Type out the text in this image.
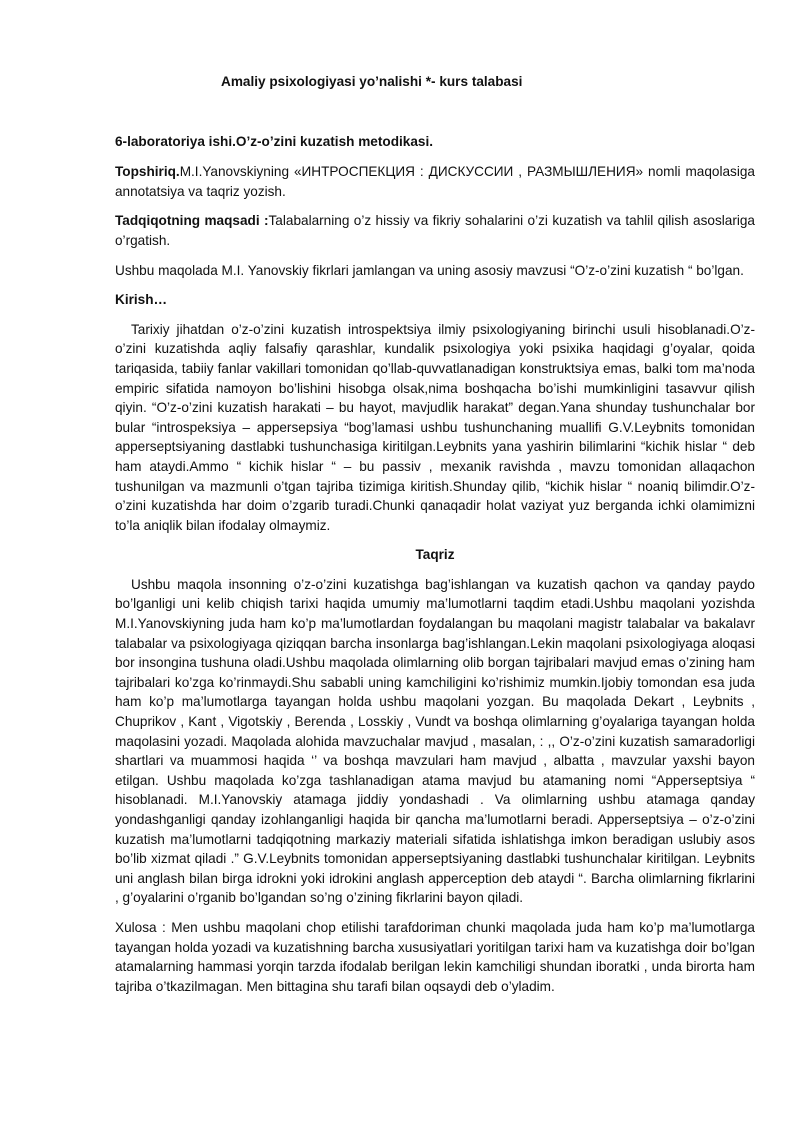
Amaliy psixologiyasi yo’nalishi *- kurs talabasi

6-laboratoriya ishi.O’z-o’zini kuzatish metodikasi.

Topshiriq.M.I.Yanovskiyning «ИНТРОСПЕКЦИЯ : ДИСКУССИИ , РАЗМЫШЛЕНИЯ» nomli maqolasiga annotatsiya va taqriz yozish.

Tadqiqotning maqsadi :Talabalarning o’z hissiy va fikriy sohalarini o’zi kuzatish va tahlil qilish asoslariga o’rgatish.

Ushbu maqolada M.I. Yanovskiy fikrlari jamlangan va uning asosiy mavzusi “O’z-o’zini kuzatish “ bo’lgan.

Kirish…

Tarixiy jihatdan o’z-o’zini kuzatish introspektsiya ilmiy psixologiyaning birinchi usuli hisoblanadi.O’z-o’zini kuzatishda aqliy falsafiy qarashlar, kundalik psixologiya yoki psixika haqidagi g’oyalar, qoida tariqasida, tabiiy fanlar vakillari tomonidan qo’llab-quvvatlanadigan konstruktsiya emas, balki tom ma’noda empiric sifatida namoyon bo’lishini hisobga olsak,nima boshqacha bo’ishi mumkinligini tasavvur qilish qiyin. “O’z-o’zini kuzatish harakati – bu hayot, mavjudlik harakat” degan.Yana shunday tushunchalar bor bular “introspeksiya – appersepsiya “bog’lamasi ushbu tushunchaning muallifi G.V.Leybnits tomonidan apperseptsiyaning dastlabki tushunchasiga kiritilgan.Leybnits yana yashirin bilimlarini “kichik hislar “ deb ham ataydi.Ammo “ kichik hislar “ – bu passiv , mexanik ravishda , mavzu tomonidan allaqachon tushunilgan va mazmunli o’tgan tajriba tizimiga kiritish.Shunday qilib, “kichik hislar “ noaniq bilimdir.O’z-o’zini kuzatishda har doim o’zgarib turadi.Chunki qanaqadir holat vaziyat yuz berganda ichki olamimizni to’la aniqlik bilan ifodalay olmaymiz.

Taqriz

Ushbu maqola insonning o’z-o’zini kuzatishga bag’ishlangan va kuzatish qachon va qanday paydo bo’lganligi uni kelib chiqish tarixi haqida umumiy ma’lumotlarni taqdim etadi.Ushbu maqolani yozishda M.I.Yanovskiyning juda ham ko’p ma’lumotlardan foydalangan bu maqolani magistr talabalar va bakalavr talabalar va psixologiyaga qiziqqan barcha insonlarga bag’ishlangan.Lekin maqolani psixologiyaga aloqasi bor insongina tushuna oladi.Ushbu maqolada olimlarning olib borgan tajribalari mavjud emas o’zining ham tajribalari ko’zga ko’rinmaydi.Shu sababli uning kamchiligini ko’rishimiz mumkin.Ijobiy tomondan esa juda ham ko’p ma’lumotlarga tayangan holda ushbu maqolani yozgan. Bu maqolada Dekart , Leybnits , Chuprikov , Kant , Vigotskiy , Berenda , Losskiy , Vundt va boshqa olimlarning g’oyalariga tayangan holda maqolasini yozadi. Maqolada alohida mavzuchalar mavjud , masalan, : ,, O’z-o’zini kuzatish samaradorligi shartlari va muammosi haqida ‘’ va boshqa mavzulari ham mavjud , albatta , mavzular yaxshi bayon etilgan. Ushbu maqolada ko’zga tashlanadigan atama mavjud bu atamaning nomi “Apperseptsiya “ hisoblanadi. M.I.Yanovskiy atamaga jiddiy yondashadi . Va olimlarning ushbu atamaga qanday yondashganligi qanday izohlanganligi haqida bir qancha ma’lumotlarni beradi. Apperseptsiya – o’z-o’zini kuzatish ma’lumotlarni tadqiqotning markaziy materiali sifatida ishlatishga imkon beradigan uslubiy asos bo’lib xizmat qiladi .” G.V.Leybnits tomonidan apperseptsiyaning dastlabki tushunchalar kiritilgan. Leybnits uni anglash bilan birga idrokni yoki idrokini anglash apperception deb ataydi “. Barcha olimlarning fikrlarini , g’oyalarini o’rganib bo’lgandan so’ng o’zining fikrlarini bayon qiladi.

Xulosa : Men ushbu maqolani chop etilishi tarafdoriman chunki maqolada juda ham ko’p ma’lumotlarga tayangan holda yozadi va kuzatishning barcha xususiyatlari yoritilgan tarixi ham va kuzatishga doir bo’lgan atamalarning hammasi yorqin tarzda ifodalab berilgan lekin kamchiligi shundan iboratki , unda birorta ham tajriba o’tkazilmagan. Men bittagina shu tarafi bilan oqsaydi deb o’yladim.
